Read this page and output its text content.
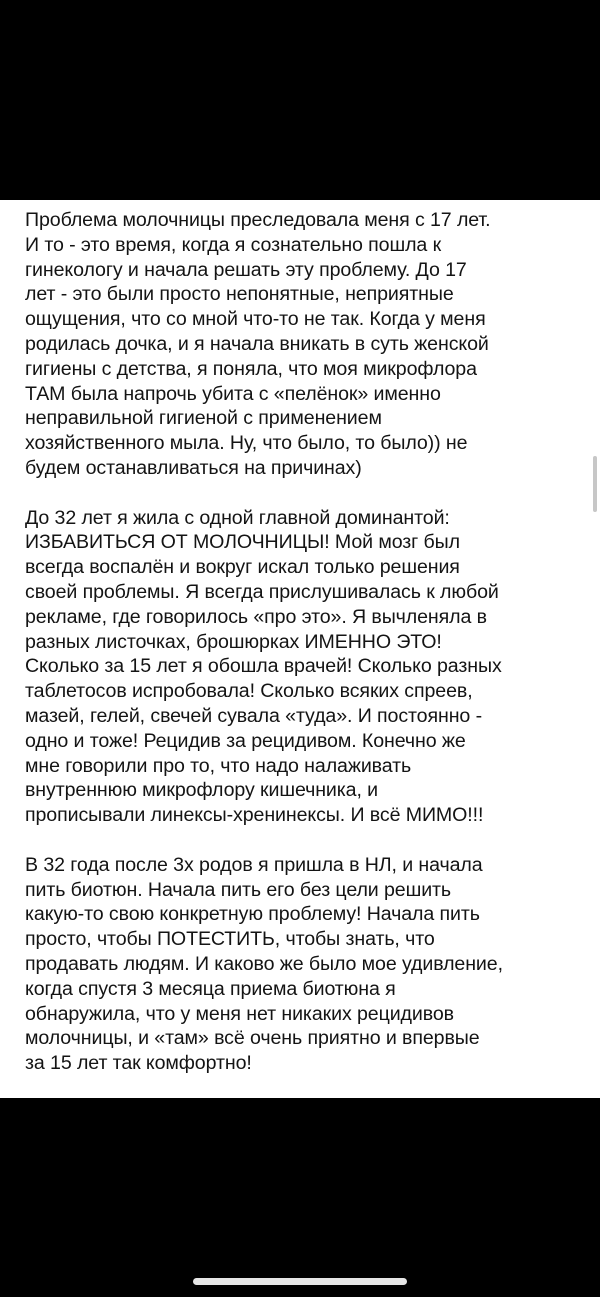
Проблема молочницы преследовала меня с 17 лет.
И то - это время, когда я сознательно пошла к
гинекологу и начала решать эту проблему. До 17
лет - это были просто непонятные, неприятные
ощущения, что со мной что-то не так. Когда у меня
родилась дочка, и я начала вникать в суть женской
гигиены с детства, я поняла, что моя микрофлора
ТАМ была напрочь убита с «пелёнок» именно
неправильной гигиеной с применением
хозяйственного мыла. Ну, что было, то было)) не
будем останавливаться на причинах)

До 32 лет я жила с одной главной доминантой:
ИЗБАВИТЬСЯ ОТ МОЛОЧНИЦЫ! Мой мозг был
всегда воспалён и вокруг искал только решения
своей проблемы. Я всегда прислушивалась к любой
рекламе, где говорилось «про это». Я вычленяла в
разных листочках, брошюрках ИМЕННО ЭТО!
Сколько за 15 лет я обошла врачей! Сколько разных
таблетосов испробовала! Сколько всяких спреев,
мазей, гелей, свечей сувала «туда». И постоянно -
одно и тоже! Рецидив за рецидивом. Конечно же
мне говорили про то, что надо налаживать
внутреннюю микрофлору кишечника, и
прописывали линексы-хренинексы. И всё МИМО!!!

В 32 года после 3х родов я пришла в НЛ, и начала
пить биотюн. Начала пить его без цели решить
какую-то свою конкретную проблему! Начала пить
просто, чтобы ПОТЕСТИТЬ, чтобы знать, что
продавать людям. И каково же было мое удивление,
когда спустя 3 месяца приема биотюна я
обнаружила, что у меня нет никаких рецидивов
молочницы, и «там» всё очень приятно и впервые
за 15 лет так комфортно!
